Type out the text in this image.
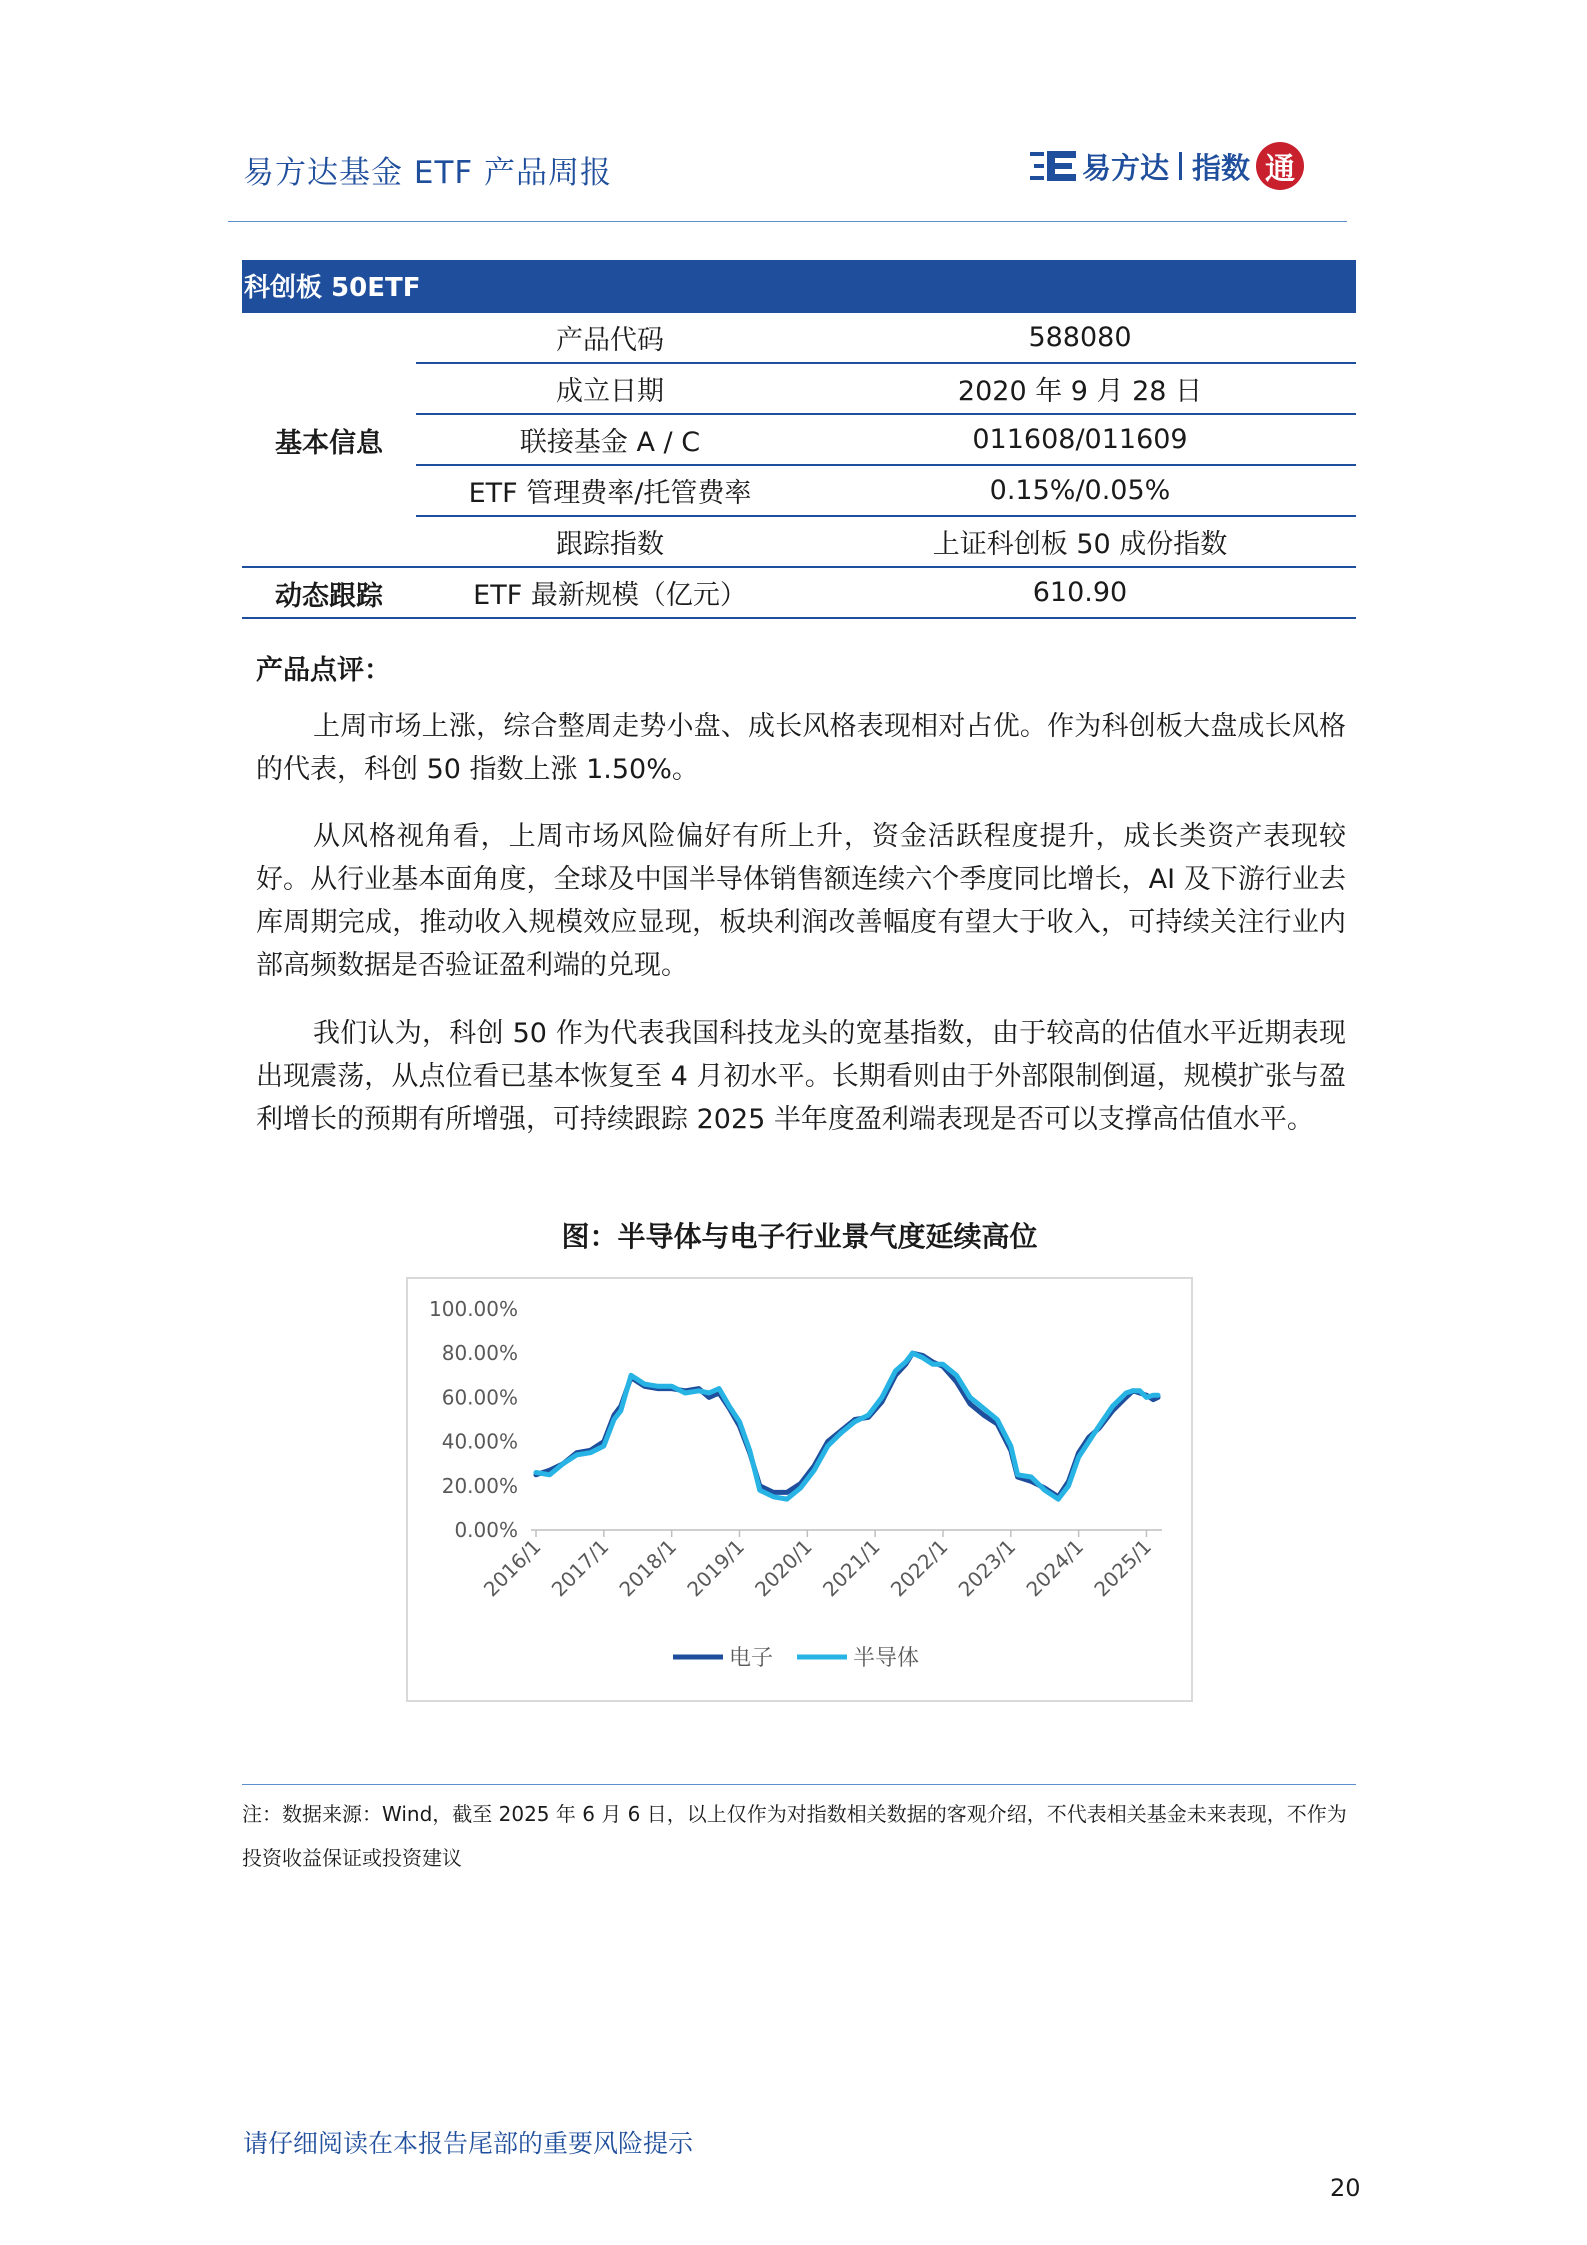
易方达基金 ETF 产品周报	易方达 指数 通
科创板 50ETF
基本信息
动态跟踪
产品代码	588080
成立日期	2020 年 9 月 28 日
联接基金 A / C	011608/011609
ETF 管理费率/托管费率	0.15%/0.05%
跟踪指数	上证科创板 50 成份指数
ETF 最新规模（亿元）	610.90
产品点评：

上周市场上涨，综合整周走势小盘、成长风格表现相对占优。作为科创板大盘成长风格的代表，科创 50 指数上涨 1.50%。

从风格视角看，上周市场风险偏好有所上升，资金活跃程度提升，成长类资产表现较好。从行业基本面角度，全球及中国半导体销售额连续六个季度同比增长，AI 及下游行业去库周期完成，推动收入规模效应显现，板块利润改善幅度有望大于收入，可持续关注行业内部高频数据是否验证盈利端的兑现。

我们认为，科创 50 作为代表我国科技龙头的宽基指数，由于较高的估值水平近期表现出现震荡，从点位看已基本恢复至 4 月初水平。长期看则由于外部限制倒逼，规模扩张与盈利增长的预期有所增强，可持续跟踪 2025 半年度盈利端表现是否可以支撑高估值水平。

图：半导体与电子行业景气度延续高位
100.00%
80.00%
60.00%
40.00%
20.00%
0.00%
2016/1 2017/1 2018/1 2019/1 2020/1 2021/1 2022/1 2023/1 2024/1 2025/1
电子	半导体
注：数据来源：Wind，截至 2025 年 6 月 6 日，以上仅作为对指数相关数据的客观介绍，不代表相关基金未来表现，不作为投资收益保证或投资建议
请仔细阅读在本报告尾部的重要风险提示
20
